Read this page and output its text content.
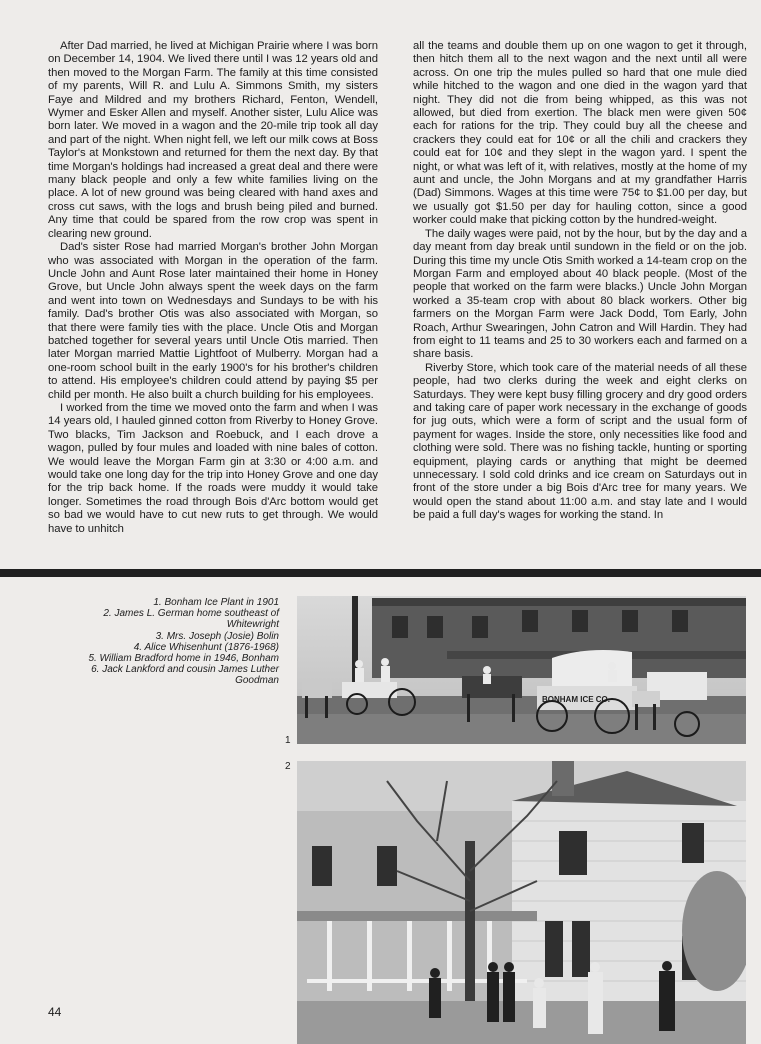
After Dad married, he lived at Michigan Prairie where I was born on December 14, 1904. We lived there until I was 12 years old and then moved to the Morgan Farm. The family at this time consisted of my parents, Will R. and Lulu A. Simmons Smith, my sisters Faye and Mildred and my brothers Richard, Fenton, Wendell, Wymer and Esker Allen and myself. Another sister, Lulu Alice was born later. We moved in a wagon and the 20-mile trip took all day and part of the night. When night fell, we left our milk cows at Boss Taylor's at Monkstown and returned for them the next day. By that time Morgan's holdings had increased a great deal and there were many black people and only a few white families living on the place. A lot of new ground was being cleared with hand axes and cross cut saws, with the logs and brush being piled and burned. Any time that could be spared from the row crop was spent in clearing new ground.

Dad's sister Rose had married Morgan's brother John Morgan who was associated with Morgan in the operation of the farm. Uncle John and Aunt Rose later maintained their home in Honey Grove, but Uncle John always spent the week days on the farm and went into town on Wednesdays and Sundays to be with his family. Dad's brother Otis was also associated with Morgan, so that there were family ties with the place. Uncle Otis and Morgan batched together for several years until Uncle Otis married. Then later Morgan married Mattie Lightfoot of Mulberry. Morgan had a one-room school built in the early 1900's for his brother's children to attend. His employee's children could attend by paying $5 per child per month. He also built a church building for his employees.

I worked from the time we moved onto the farm and when I was 14 years old, I hauled ginned cotton from Riverby to Honey Grove. Two blacks, Tim Jackson and Roebuck, and I each drove a wagon, pulled by four mules and loaded with nine bales of cotton. We would leave the Morgan Farm gin at 3:30 or 4:00 a.m. and would take one long day for the trip into Honey Grove and one day for the trip back home. If the roads were muddy it would take longer. Sometimes the road through Bois d'Arc bottom would get so bad we would have to cut new ruts to get through. We would have to unhitch

all the teams and double them up on one wagon to get it through, then hitch them all to the next wagon and the next until all were across. On one trip the mules pulled so hard that one mule died while hitched to the wagon and one died in the wagon yard that night. They did not die from being whipped, as this was not allowed, but died from exertion. The black men were given 50¢ each for rations for the trip. They could buy all the cheese and crackers they could eat for 10¢ or all the chili and crackers they could eat for 10¢ and they slept in the wagon yard. I spent the night, or what was left of it, with relatives, mostly at the home of my aunt and uncle, the John Morgans and at my grandfather Harris (Dad) Simmons. Wages at this time were 75¢ to $1.00 per day, but we usually got $1.50 per day for hauling cotton, since a good worker could make that picking cotton by the hundred-weight.

The daily wages were paid, not by the hour, but by the day and a day meant from day break until sundown in the field or on the job. During this time my uncle Otis Smith worked a 14-team crop on the Morgan Farm and employed about 40 black people. (Most of the people that worked on the farm were blacks.) Uncle John Morgan worked a 35-team crop with about 80 black workers. Other big farmers on the Morgan Farm were Jack Dodd, Tom Early, John Roach, Arthur Swearingen, John Catron and Will Hardin. They had from eight to 11 teams and 25 to 30 workers each and farmed on a share basis.

Riverby Store, which took care of the material needs of all these people, had two clerks during the week and eight clerks on Saturdays. They were kept busy filling grocery and dry good orders and taking care of paper work necessary in the exchange of goods for jug outs, which were a form of script and the usual form of payment for wages. Inside the store, only necessities like food and clothing were sold. There was no fishing tackle, hunting or sporting equipment, playing cards or anything that might be deemed unnecessary. I sold cold drinks and ice cream on Saturdays out in front of the store under a big Bois d'Arc tree for many years. We would open the stand about 11:00 a.m. and stay late and I would be paid a full day's wages for working the stand. In

1. Bonham Ice Plant in 1901
2. James L. German home southeast of Whitewright
3. Mrs. Joseph (Josie) Bolin
4. Alice Whisenhunt (1876-1968)
5. William Bradford home in 1946, Bonham
6. Jack Lankford and cousin James Luther Goodman
BONHAM ICE CO.
1
2
44
